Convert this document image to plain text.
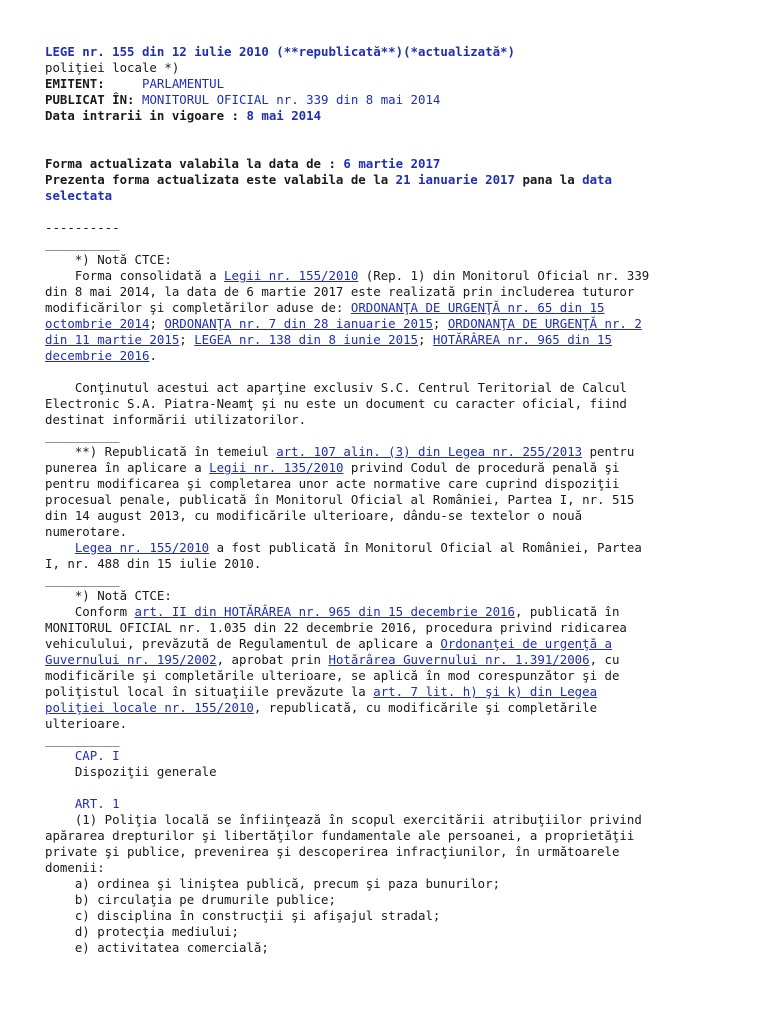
LEGE nr. 155 din 12 iulie 2010 (**republicată**)(*actualizată*)
poliţiei locale *)
EMITENT:	PARLAMENTUL
PUBLICAT ÎN: MONITORUL OFICIAL nr. 339 din 8 mai 2014
Data intrarii in vigoare : 8 mai 2014

Forma actualizata valabila la data de : 6 martie 2017
Prezenta forma actualizata este valabila de la 21 ianuarie 2017 pana la data
selectata

----------
__________
*) Notă CTCE:
Forma consolidată a Legii nr. 155/2010 (Rep. 1) din Monitorul Oficial nr. 339
din 8 mai 2014, la data de 6 martie 2017 este realizată prin includerea tuturor
modificărilor şi completărilor aduse de: ORDONANŢA DE URGENŢĂ nr. 65 din 15
octombrie 2014; ORDONANŢA nr. 7 din 28 ianuarie 2015; ORDONANŢA DE URGENŢĂ nr. 2
din 11 martie 2015; LEGEA nr. 138 din 8 iunie 2015; HOTĂRÂREA nr. 965 din 15
decembrie 2016.

Conţinutul acestui act aparţine exclusiv S.C. Centrul Teritorial de Calcul
Electronic S.A. Piatra-Neamţ şi nu este un document cu caracter oficial, fiind
destinat informării utilizatorilor.
__________
**) Republicată în temeiul art. 107 alin. (3) din Legea nr. 255/2013 pentru
punerea în aplicare a Legii nr. 135/2010 privind Codul de procedură penală şi
pentru modificarea şi completarea unor acte normative care cuprind dispoziţii
procesual penale, publicată în Monitorul Oficial al României, Partea I, nr. 515
din 14 august 2013, cu modificările ulterioare, dându-se textelor o nouă
numerotare.
Legea nr. 155/2010 a fost publicată în Monitorul Oficial al României, Partea
I, nr. 488 din 15 iulie 2010.
__________
*) Notă CTCE:
Conform art. II din HOTĂRÂREA nr. 965 din 15 decembrie 2016, publicată în
MONITORUL OFICIAL nr. 1.035 din 22 decembrie 2016, procedura privind ridicarea
vehiculului, prevăzută de Regulamentul de aplicare a Ordonanţei de urgenţă a
Guvernului nr. 195/2002, aprobat prin Hotărârea Guvernului nr. 1.391/2006, cu
modificările şi completările ulterioare, se aplică în mod corespunzător şi de
poliţistul local în situaţiile prevăzute la art. 7 lit. h) şi k) din Legea
poliţiei locale nr. 155/2010, republicată, cu modificările şi completările
ulterioare.
__________
CAP. I
Dispoziţii generale

ART. 1
(1) Poliţia locală se înfiinţează în scopul exercitării atribuţiilor privind
apărarea drepturilor şi libertăţilor fundamentale ale persoanei, a proprietăţii
private şi publice, prevenirea şi descoperirea infracţiunilor, în următoarele
domenii:
a) ordinea şi liniştea publică, precum şi paza bunurilor;
b) circulaţia pe drumurile publice;
c) disciplina în construcţii şi afişajul stradal;
d) protecţia mediului;
e) activitatea comercială;
